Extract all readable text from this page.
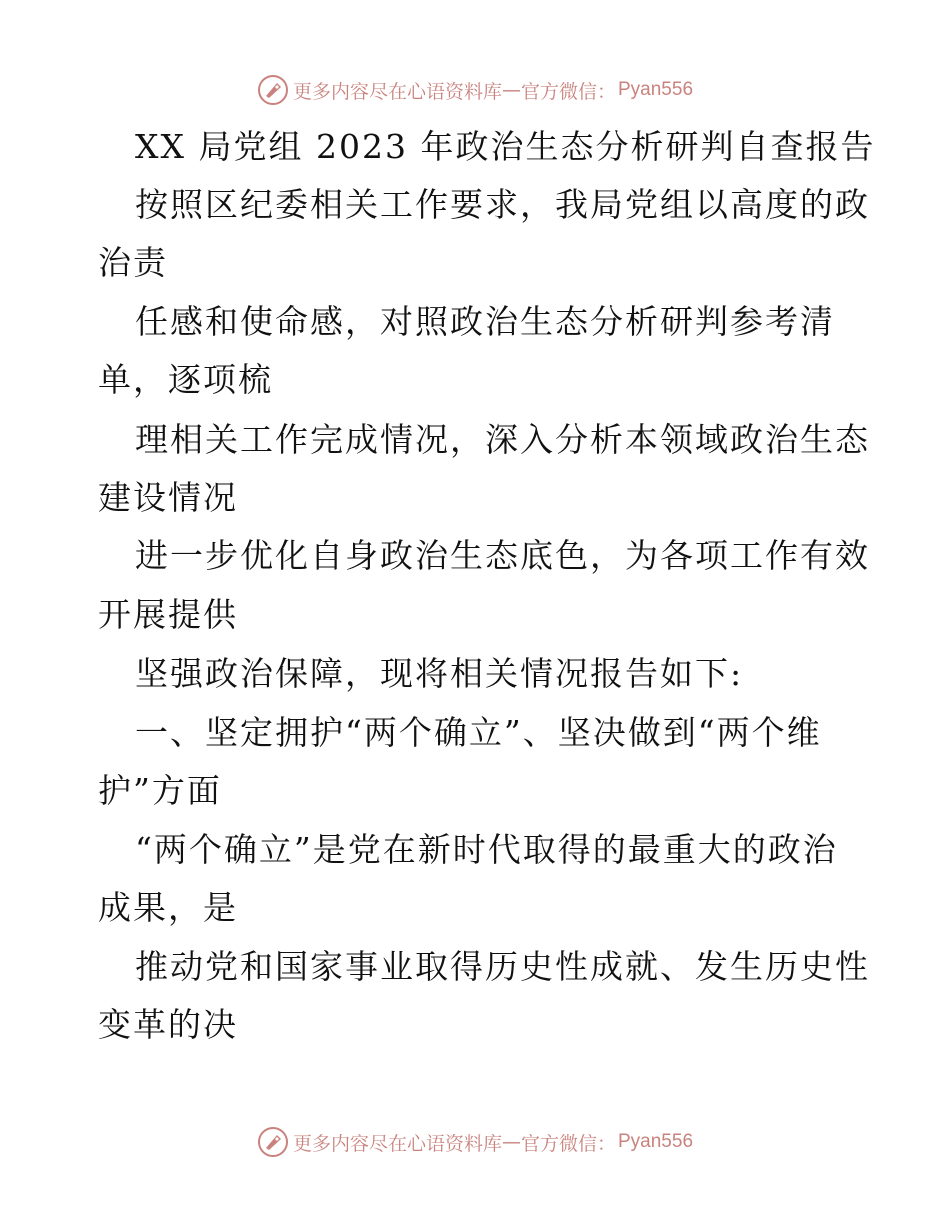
更多内容尽在心语资料库 — 官方微信： Pyan556
XX 局党组 2023 年政治生态分析研判自查报告
按照区纪委相关工作要求，我局党组以高度的政
治责
任感和使命感，对照政治生态分析研判参考清
单，逐项梳
理相关工作完成情况，深入分析本领域政治生态
建设情况
进一步优化自身政治生态底色，为各项工作有效
开展提供
坚强政治保障，现将相关情况报告如下:
一、坚定拥护“两个确立”、坚决做到“两个维
护”方面
“两个确立”是党在新时代取得的最重大的政治
成果，是
推动党和国家事业取得历史性成就、发生历史性
变革的决
更多内容尽在心语资料库 — 官方微信： Pyan556
